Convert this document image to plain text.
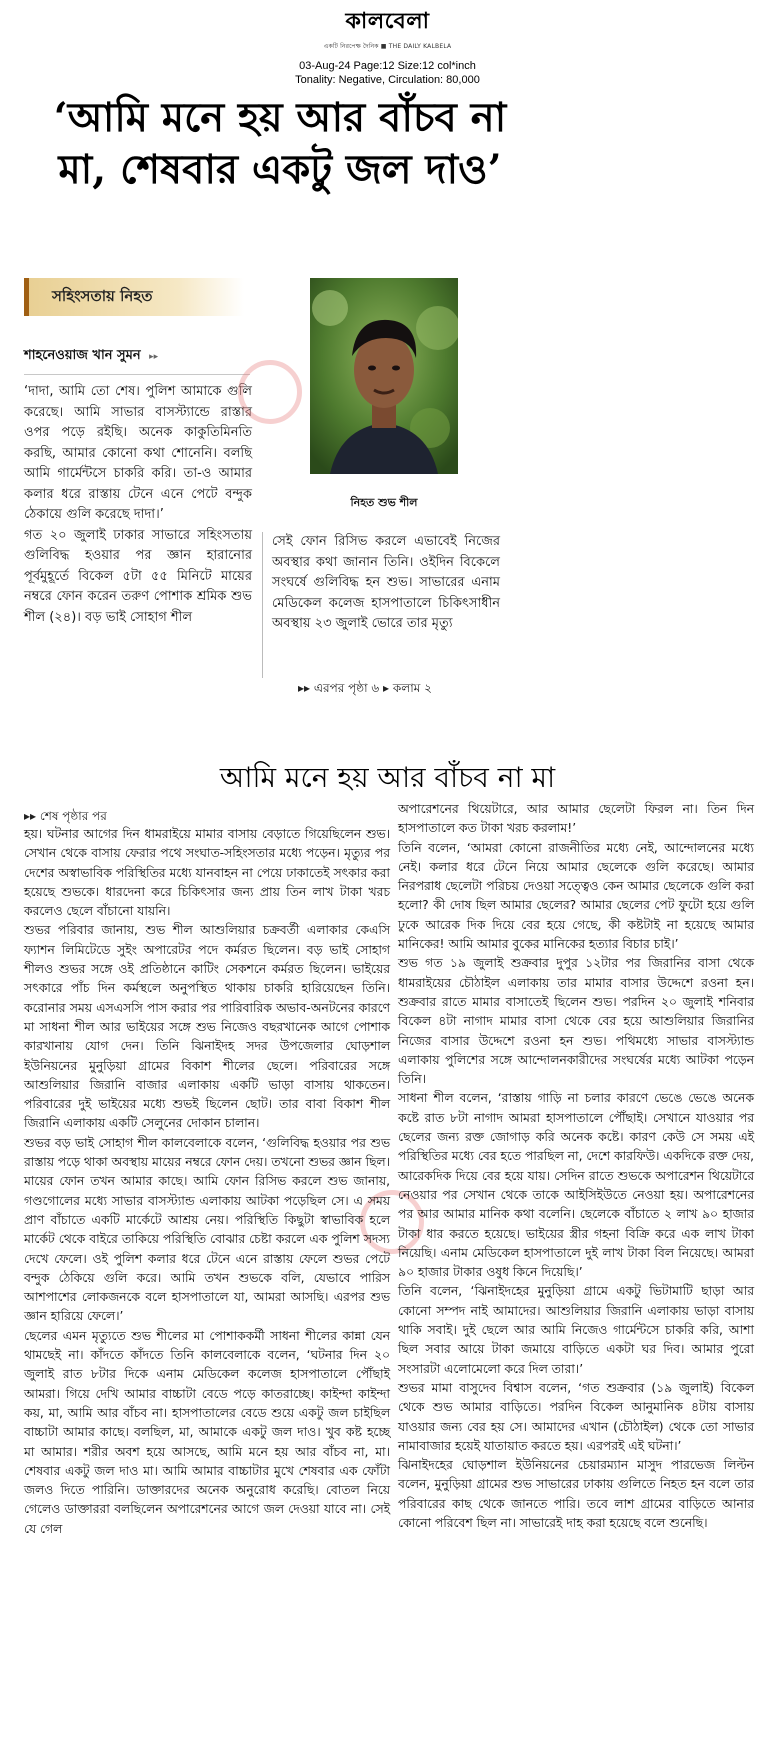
কালবেলা
একটি নিরপেক্ষ দৈনিক ■ THE DAILY KALBELA
03-Aug-24 Page:12 Size:12 col*inch
Tonality: Negative, Circulation: 80,000
‘আমি মনে হয় আর বাঁচব না মা, শেষবার একটু জল দাও’
সহিংসতায় নিহত
শাহনেওয়াজ খান সুমন ▸▸
নিহত শুভ শীল

‘দাদা, আমি তো শেষ। পুলিশ আমাকে গুলি করেছে। আমি সাভার বাসস্ট্যান্ডে রাস্তার ওপর পড়ে রইছি। অনেক কাকুতিমিনতি করছি, আমার কোনো কথা শোনেনি। বলছি আমি গার্মেন্টসে চাকরি করি। তা-ও আমার কলার ধরে রাস্তায় টেনে এনে পেটে বন্দুক ঠেকায়ে গুলি করেছে দাদা।’

গত ২০ জুলাই ঢাকার সাভারে সহিংসতায় গুলিবিদ্ধ হওয়ার পর জ্ঞান হারানোর পূর্বমুহূর্তে বিকেল ৫টা ৫৫ মিনিটে মায়ের নম্বরে ফোন করেন তরুণ পোশাক শ্রমিক শুভ শীল (২৪)। বড় ভাই সোহাগ শীল

সেই ফোন রিসিভ করলে এভাবেই নিজের অবস্থার কথা জানান তিনি। ওইদিন বিকেলে সংঘর্ষে গুলিবিদ্ধ হন শুভ। সাভারের এনাম মেডিকেল কলেজ হাসপাতালে চিকিৎসাধীন অবস্থায় ২৩ জুলাই ভোরে তার মৃত্যু

▸▸ এরপর পৃষ্ঠা ৬ ▸ কলাম ২
আমি মনে হয় আর বাঁচব না মা
▸▸ শেষ পৃষ্ঠার পর

হয়। ঘটনার আগের দিন ধামরাইয়ে মামার বাসায় বেড়াতে গিয়েছিলেন শুভ। সেখান থেকে বাসায় ফেরার পথে সংঘাত-সহিংসতার মধ্যে পড়েন। মৃত্যুর পর দেশের অস্বাভাবিক পরিস্থিতির মধ্যে যানবাহন না পেয়ে ঢাকাতেই সৎকার করা হয়েছে শুভকে। ধারদেনা করে চিকিৎসার জন্য প্রায় তিন লাখ টাকা খরচ করলেও ছেলে বাঁচানো যায়নি।

শুভর পরিবার জানায়, শুভ শীল আশুলিয়ার চক্রবর্তী এলাকার কেএসি ফ্যাশন লিমিটেডে সুইং অপারেটর পদে কর্মরত ছিলেন। বড় ভাই সোহাগ শীলও শুভর সঙ্গে ওই প্রতিষ্ঠানে কাটিং সেকশনে কর্মরত ছিলেন। ভাইয়ের সৎকারে পাঁচ দিন কর্মস্থলে অনুপস্থিত থাকায় চাকরি হারিয়েছেন তিনি। করোনার সময় এসএসসি পাস করার পর পারিবারিক অভাব-অনটনের কারণে মা সাধনা শীল আর ভাইয়ের সঙ্গে শুভ নিজেও বছরখানেক আগে পোশাক কারখানায় যোগ দেন। তিনি ঝিনাইদহ সদর উপজেলার ঘোড়শাল ইউনিয়নের মুনুড়িয়া গ্রামের বিকাশ শীলের ছেলে। পরিবারের সঙ্গে আশুলিয়ার জিরানি বাজার এলাকায় একটি ভাড়া বাসায় থাকতেন। পরিবারের দুই ভাইয়ের মধ্যে শুভই ছিলেন ছোট। তার বাবা বিকাশ শীল জিরানি এলাকায় একটি সেলুনের দোকান চালান।

শুভর বড় ভাই সোহাগ শীল কালবেলাকে বলেন, ‘গুলিবিদ্ধ হওয়ার পর শুভ রাস্তায় পড়ে থাকা অবস্থায় মায়ের নম্বরে ফোন দেয়। তখনো শুভর জ্ঞান ছিল। মায়ের ফোন তখন আমার কাছে। আমি ফোন রিসিভ করলে শুভ জানায়, গণ্ডগোলের মধ্যে সাভার বাসস্ট্যান্ড এলাকায় আটকা পড়েছিল সে। এ সময় প্রাণ বাঁচাতে একটি মার্কেটে আশ্রয় নেয়। পরিস্থিতি কিছুটা স্বাভাবিক হলে মার্কেট থেকে বাইরে তাকিয়ে পরিস্থিতি বোঝার চেষ্টা করলে এক পুলিশ সদস্য দেখে ফেলে। ওই পুলিশ কলার ধরে টেনে এনে রাস্তায় ফেলে শুভর পেটে বন্দুক ঠেকিয়ে গুলি করে। আমি তখন শুভকে বলি, যেভাবে পারিস আশপাশের লোকজনকে বলে হাসপাতালে যা, আমরা আসছি। এরপর শুভ জ্ঞান হারিয়ে ফেলে।’

ছেলের এমন মৃত্যুতে শুভ শীলের মা পোশাককর্মী সাধনা শীলের কান্না যেন থামছেই না। কাঁদতে কাঁদতে তিনি কালবেলাকে বলেন, ‘ঘটনার দিন ২০ জুলাই রাত ৮টার দিকে এনাম মেডিকেল কলেজ হাসপাতালে পৌঁছাই আমরা। গিয়ে দেখি আমার বাচ্চাটা বেডে পড়ে কাতরাচ্ছে। কাইন্দা কাইন্দা কয়, মা, আমি আর বাঁচব না। হাসপাতালের বেডে শুয়ে একটু জল চাইছিল বাচ্চাটা আমার কাছে। বলছিল, মা, আমাকে একটু জল দাও। খুব কষ্ট হচ্ছে মা আমার। শরীর অবশ হয়ে আসছে, আমি মনে হয় আর বাঁচব না, মা। শেষবার একটু জল দাও মা। আমি আমার বাচ্চাটার মুখে শেষবার এক ফোঁটা জলও দিতে পারিনি। ডাক্তারদের অনেক অনুরোধ করেছি। বোতল নিয়ে গেলেও ডাক্তাররা বলছিলেন অপারেশনের আগে জল দেওয়া যাবে না। সেই যে গেল

অপারেশনের থিয়েটারে, আর আমার ছেলেটা ফিরল না। তিন দিন হাসপাতালে কত টাকা খরচ করলাম!’

তিনি বলেন, ‘আমরা কোনো রাজনীতির মধ্যে নেই, আন্দোলনের মধ্যে নেই। কলার ধরে টেনে নিয়ে আমার ছেলেকে গুলি করেছে। আমার নিরপরাধ ছেলেটা পরিচয় দেওয়া সত্ত্বেও কেন আমার ছেলেকে গুলি করা হলো? কী দোষ ছিল আমার ছেলের? আমার ছেলের পেট ফুটো হয়ে গুলি ঢুকে আরেক দিক দিয়ে বের হয়ে গেছে, কী কষ্টটাই না হয়েছে আমার মানিকের! আমি আমার বুকের মানিকের হত্যার বিচার চাই।’

শুভ গত ১৯ জুলাই শুক্রবার দুপুর ১২টার পর জিরানির বাসা থেকে ধামরাইয়ের চৌঠাইল এলাকায় তার মামার বাসার উদ্দেশে রওনা হন। শুক্রবার রাতে মামার বাসাতেই ছিলেন শুভ। পরদিন ২০ জুলাই শনিবার বিকেল ৪টা নাগাদ মামার বাসা থেকে বের হয়ে আশুলিয়ার জিরানির নিজের বাসার উদ্দেশে রওনা হন শুভ। পথিমধ্যে সাভার বাসস্ট্যান্ড এলাকায় পুলিশের সঙ্গে আন্দোলনকারীদের সংঘর্ষের মধ্যে আটকা পড়েন তিনি।

সাধনা শীল বলেন, ‘রাস্তায় গাড়ি না চলার কারণে ভেঙে ভেঙে অনেক কষ্টে রাত ৮টা নাগাদ আমরা হাসপাতালে পৌঁছাই। সেখানে যাওয়ার পর ছেলের জন্য রক্ত জোগাড় করি অনেক কষ্টে। কারণ কেউ সে সময় এই পরিস্থিতির মধ্যে বের হতে পারছিল না, দেশে কারফিউ। একদিকে রক্ত দেয়, আরেকদিক দিয়ে বের হয়ে যায়। সেদিন রাতে শুভকে অপারেশন থিয়েটারে নেওয়ার পর সেখান থেকে তাকে আইসিইউতে নেওয়া হয়। অপারেশনের পর আর আমার মানিক কথা বলেনি। ছেলেকে বাঁচাতে ২ লাখ ৯০ হাজার টাকা ধার করতে হয়েছে। ভাইয়ের স্ত্রীর গহনা বিক্রি করে এক লাখ টাকা নিয়েছি। এনাম মেডিকেল হাসপাতালে দুই লাখ টাকা বিল নিয়েছে। আমরা ৯০ হাজার টাকার ওষুধ কিনে দিয়েছি।’

তিনি বলেন, ‘ঝিনাইদহের মুনুড়িয়া গ্রামে একটু ভিটামাটি ছাড়া আর কোনো সম্পদ নাই আমাদের। আশুলিয়ার জিরানি এলাকায় ভাড়া বাসায় থাকি সবাই। দুই ছেলে আর আমি নিজেও গার্মেন্টসে চাকরি করি, আশা ছিল সবার আয়ে টাকা জমায়ে বাড়িতে একটা ঘর দিব। আমার পুরো সংসারটা এলোমেলো করে দিল তারা।’

শুভর মামা বাসুদেব বিশ্বাস বলেন, ‘গত শুক্রবার (১৯ জুলাই) বিকেল থেকে শুভ আমার বাড়িতে। পরদিন বিকেল আনুমানিক ৪টায় বাসায় যাওয়ার জন্য বের হয় সে। আমাদের এখান (চৌঠাইল) থেকে তো সাভার নামাবাজার হয়েই যাতায়াত করতে হয়। এরপরই এই ঘটনা।’

ঝিনাইদহের ঘোড়শাল ইউনিয়নের চেয়ারম্যান মাসুদ পারভেজ লিল্টন বলেন, মুনুড়িয়া গ্রামের শুভ সাভারের ঢাকায় গুলিতে নিহত হন বলে তার পরিবারের কাছ থেকে জানতে পারি। তবে লাশ গ্রামের বাড়িতে আনার কোনো পরিবেশ ছিল না। সাভারেই দাহ করা হয়েছে বলে শুনেছি।
